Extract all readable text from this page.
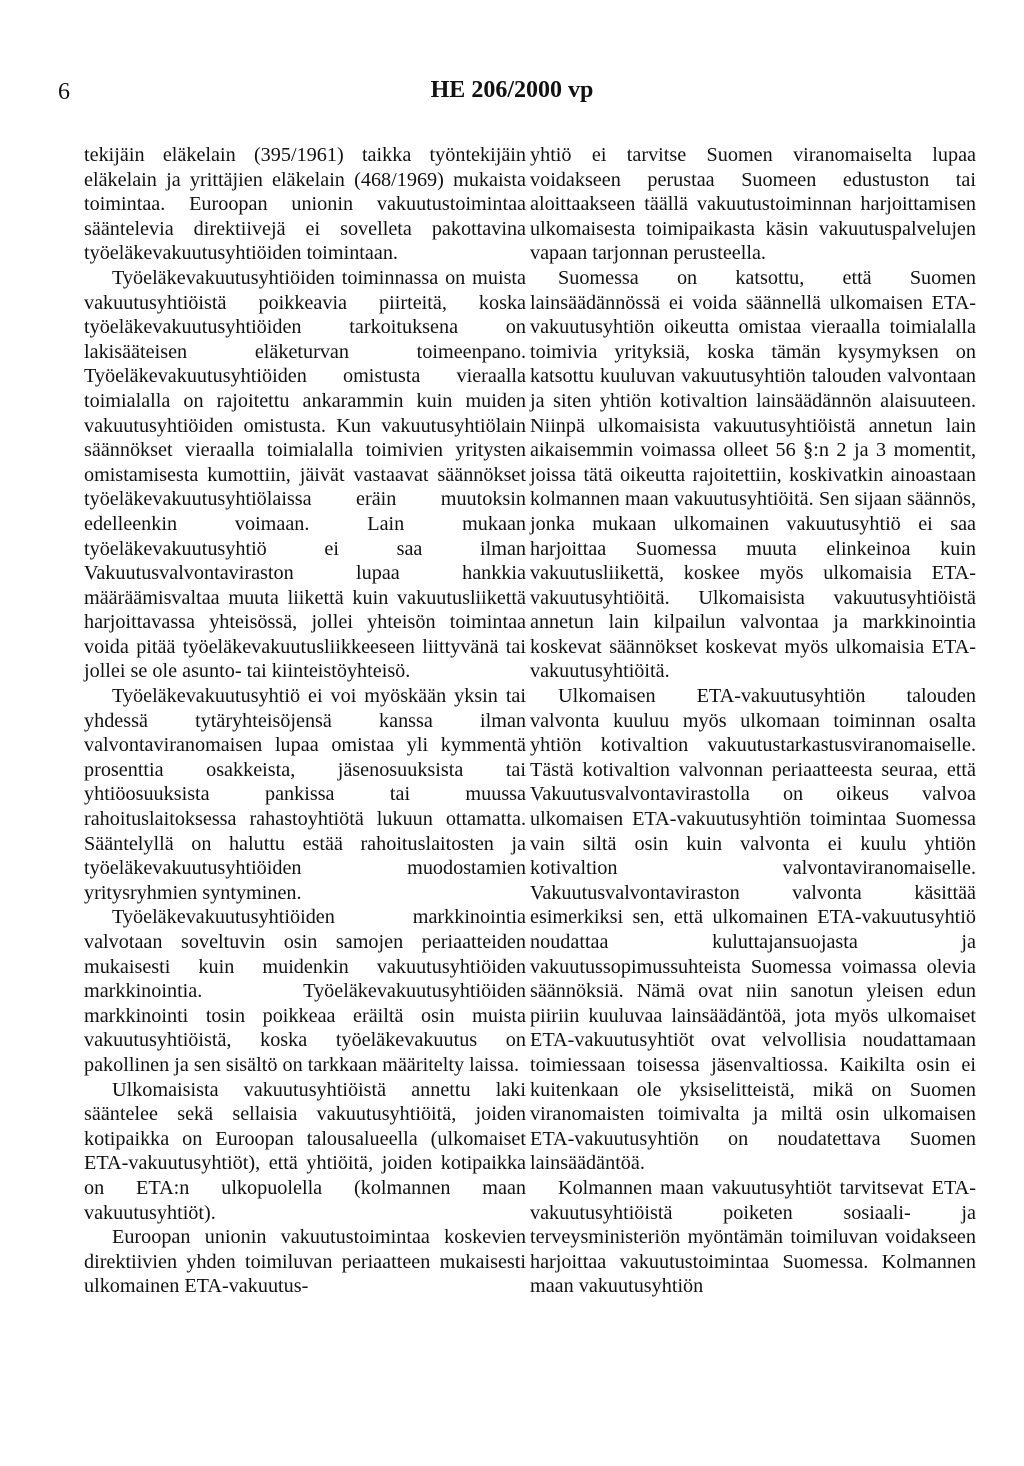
6	HE 206/2000 vp

tekijäin eläkelain (395/1961) taikka työntekijäin eläkelain ja yrittäjien eläkelain (468/1969) mukaista toimintaa. Euroopan unionin vakuutustoimintaa sääntelevia direktiivejä ei sovelleta pakottavina työeläkevakuutusyhtiöiden toimintaan.

Työeläkevakuutusyhtiöiden toiminnassa on muista vakuutusyhtiöistä poikkeavia piirteitä, koska työeläkevakuutusyhtiöiden tarkoituksena on lakisääteisen eläketurvan toimeenpano. Työeläkevakuutusyhtiöiden omistusta vieraalla toimialalla on rajoitettu ankarammin kuin muiden vakuutusyhtiöiden omistusta. Kun vakuutusyhtiölain säännökset vieraalla toimialalla toimivien yritysten omistamisesta kumottiin, jäivät vastaavat säännökset työeläkevakuutusyhtiölaissa eräin muutoksin edelleenkin voimaan. Lain mukaan työeläkevakuutusyhtiö ei saa ilman Vakuutusvalvontaviraston lupaa hankkia määräämisvaltaa muuta liikettä kuin vakuutusliikettä harjoittavassa yhteisössä, jollei yhteisön toimintaa voida pitää työeläkevakuutusliikkeeseen liittyvänä tai jollei se ole asunto- tai kiinteistöyhteisö.

Työeläkevakuutusyhtiö ei voi myöskään yksin tai yhdessä tytäryhteisöjensä kanssa ilman valvontaviranomaisen lupaa omistaa yli kymmentä prosenttia osakkeista, jäsenosuuksista tai yhtiöosuuksista pankissa tai muussa rahoituslaitoksessa rahastoyhtiötä lukuun ottamatta. Sääntelyllä on haluttu estää rahoituslaitosten ja työeläkevakuutusyhtiöiden muodostamien yritysryhmien syntyminen.

Työeläkevakuutusyhtiöiden markkinointia valvotaan soveltuvin osin samojen periaatteiden mukaisesti kuin muidenkin vakuutusyhtiöiden markkinointia. Työeläkevakuutusyhtiöiden markkinointi tosin poikkeaa eräiltä osin muista vakuutusyhtiöistä, koska työeläkevakuutus on pakollinen ja sen sisältö on tarkkaan määritelty laissa.

Ulkomaisista vakuutusyhtiöistä annettu laki sääntelee sekä sellaisia vakuutusyhtiöitä, joiden kotipaikka on Euroopan talousalueella (ulkomaiset ETA-vakuutusyhtiöt), että yhtiöitä, joiden kotipaikka on ETA:n ulkopuolella (kolmannen maan vakuutusyhtiöt).

Euroopan unionin vakuutustoimintaa koskevien direktiivien yhden toimiluvan periaatteen mukaisesti ulkomainen ETA-vakuutus-

yhtiö ei tarvitse Suomen viranomaiselta lupaa voidakseen perustaa Suomeen edustuston tai aloittaakseen täällä vakuutustoiminnan harjoittamisen ulkomaisesta toimipaikasta käsin vakuutuspalvelujen vapaan tarjonnan perusteella.

Suomessa on katsottu, että Suomen lainsäädännössä ei voida säännellä ulkomaisen ETA-vakuutusyhtiön oikeutta omistaa vieraalla toimialalla toimivia yrityksiä, koska tämän kysymyksen on katsottu kuuluvan vakuutusyhtiön talouden valvontaan ja siten yhtiön kotivaltion lainsäädännön alaisuuteen. Niinpä ulkomaisista vakuutusyhtiöistä annetun lain aikaisemmin voimassa olleet 56 §:n 2 ja 3 momentit, joissa tätä oikeutta rajoitettiin, koskivatkin ainoastaan kolmannen maan vakuutusyhtiöitä. Sen sijaan säännös, jonka mukaan ulkomainen vakuutusyhtiö ei saa harjoittaa Suomessa muuta elinkeinoa kuin vakuutusliikettä, koskee myös ulkomaisia ETA-vakuutusyhtiöitä. Ulkomaisista vakuutusyhtiöistä annetun lain kilpailun valvontaa ja markkinointia koskevat säännökset koskevat myös ulkomaisia ETA-vakuutusyhtiöitä.

Ulkomaisen ETA-vakuutusyhtiön talouden valvonta kuuluu myös ulkomaan toiminnan osalta yhtiön kotivaltion vakuutustarkastusviranomaiselle. Tästä kotivaltion valvonnan periaatteesta seuraa, että Vakuutusvalvontavirastolla on oikeus valvoa ulkomaisen ETA-vakuutusyhtiön toimintaa Suomessa vain siltä osin kuin valvonta ei kuulu yhtiön kotivaltion valvontaviranomaiselle. Vakuutusvalvontaviraston valvonta käsittää esimerkiksi sen, että ulkomainen ETA-vakuutusyhtiö noudattaa kuluttajansuojasta ja vakuutussopimussuhteista Suomessa voimassa olevia säännöksiä. Nämä ovat niin sanotun yleisen edun piiriin kuuluvaa lainsäädäntöä, jota myös ulkomaiset ETA-vakuutusyhtiöt ovat velvollisia noudattamaan toimiessaan toisessa jäsenvaltiossa. Kaikilta osin ei kuitenkaan ole yksiselitteistä, mikä on Suomen viranomaisten toimivalta ja miltä osin ulkomaisen ETA-vakuutusyhtiön on noudatettava Suomen lainsäädäntöä.

Kolmannen maan vakuutusyhtiöt tarvitsevat ETA-vakuutusyhtiöistä poiketen sosiaali- ja terveysministeriön myöntämän toimiluvan voidakseen harjoittaa vakuutustoimintaa Suomessa. Kolmannen maan vakuutusyhtiön
